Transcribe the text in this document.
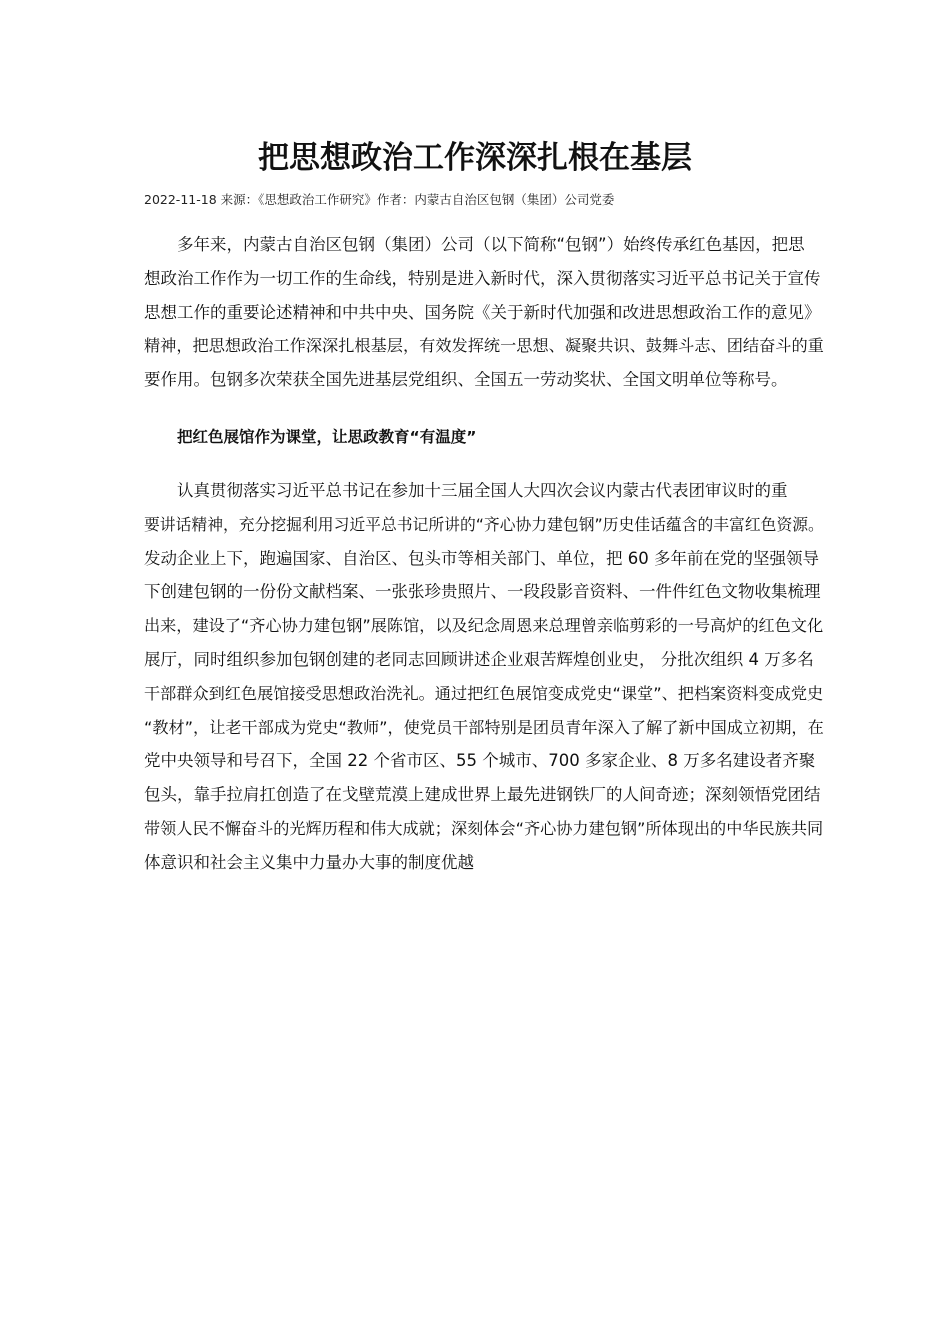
把思想政治工作深深扎根在基层

2022-11-18 来源：《思想政治工作研究》作者：内蒙古自治区包钢（集团）公司党委

多年来，内蒙古自治区包钢（集团）公司（以下简称“包钢”）始终传承红色基因，把思
想政治工作作为一切工作的生命线，特别是进入新时代，深入贯彻落实习近平总书记关于宣传
思想工作的重要论述精神和中共中央、国务院《关于新时代加强和改进思想政治工作的意见》
精神，把思想政治工作深深扎根基层，有效发挥统一思想、凝聚共识、鼓舞斗志、团结奋斗的重
要作用。包钢多次荣获全国先进基层党组织、全国五一劳动奖状、全国文明单位等称号。
把红色展馆作为课堂，让思政教育“有温度”
认真贯彻落实习近平总书记在参加十三届全国人大四次会议内蒙古代表团审议时的重
要讲话精神，充分挖掘利用习近平总书记所讲的“齐心协力建包钢”历史佳话蕴含的丰富红色资源。
发动企业上下，跑遍国家、自治区、包头市等相关部门、单位，把 60 多年前在党的坚强领导
下创建包钢的一份份文献档案、一张张珍贵照片、一段段影音资料、一件件红色文物收集梳理
出来，建设了“齐心协力建包钢”展陈馆，以及纪念周恩来总理曾亲临剪彩的一号高炉的红色文化
展厅，同时组织参加包钢创建的老同志回顾讲述企业艰苦辉煌创业史， 分批次组织 4 万多名
干部群众到红色展馆接受思想政治洗礼。通过把红色展馆变成党史“课堂”、把档案资料变成党史
“教材”，让老干部成为党史“教师”，使党员干部特别是团员青年深入了解了新中国成立初期，在
党中央领导和号召下，全国 22 个省市区、55 个城市、700 多家企业、8 万多名建设者齐聚
包头，靠手拉肩扛创造了在戈壁荒漠上建成世界上最先进钢铁厂的人间奇迹；深刻领悟党团结
带领人民不懈奋斗的光辉历程和伟大成就；深刻体会“齐心协力建包钢”所体现出的中华民族共同
体意识和社会主义集中力量办大事的制度优越
